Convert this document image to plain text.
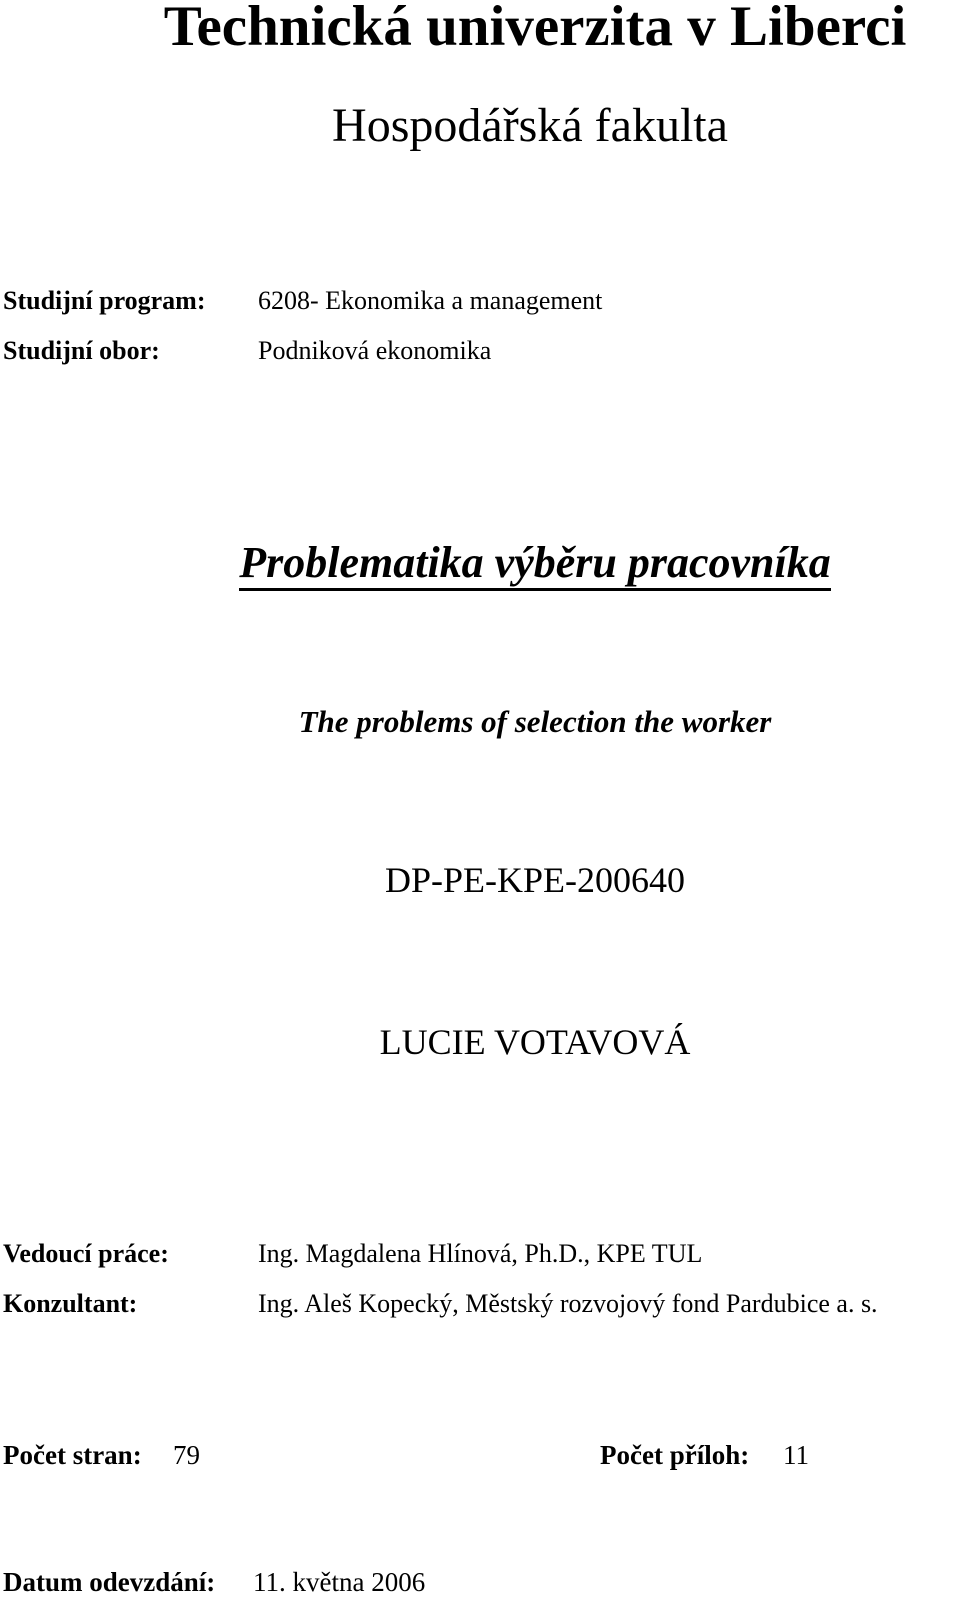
Technická univerzita v Liberci
Hospodářská fakulta
Studijní program: 6208- Ekonomika a management
Studijní obor:	Podniková ekonomika
Problematika výběru pracovníka
The problems of selection the worker
DP-PE-KPE-200640
LUCIE VOTAVOVÁ
Vedoucí práce:	Ing. Magdalena Hlínová, Ph.D., KPE TUL
Konzultant:	Ing. Aleš Kopecký, Městský rozvojový fond Pardubice a. s.
Počet stran: 79	Počet příloh: 11
Datum odevzdání: 11. května 2006
